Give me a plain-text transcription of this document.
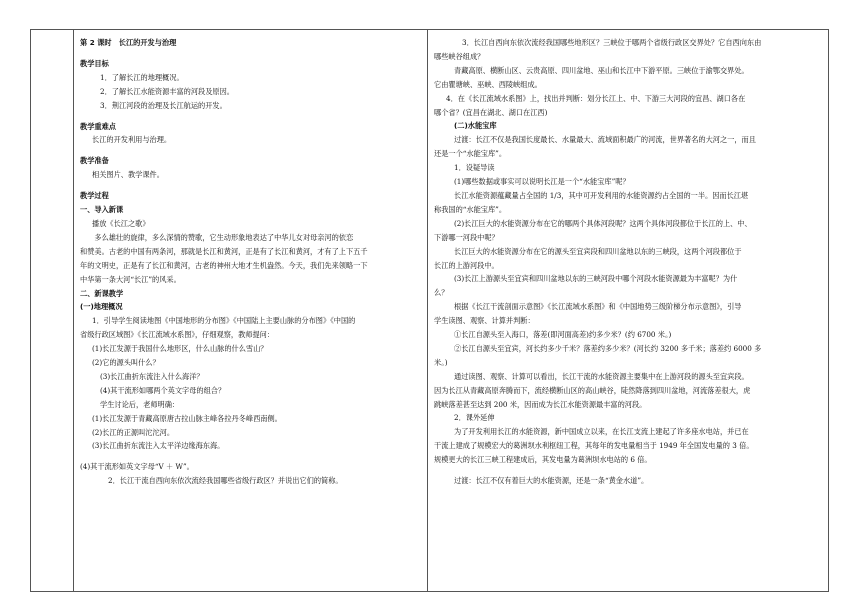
第 2 课时　长江的开发与治理

教学目标

1．了解长江的地理概况。

2．了解长江水能资源丰富的河段及原因。

3．荆江河段的治理及长江航运的开发。

教学重难点

长江的开发利用与治理。

教学准备

相关图片、教学课件。

教学过程

一、导入新课

播放《长江之歌》

　　多么雄壮的旋律，多么深情的赞歌，它生动形象地表达了中华儿女对母亲河的依恋

和赞美。古老的中国有两条河，那就是长江和黄河，正是有了长江和黄河，才有了上下五千

年的文明史，正是有了长江和黄河，古老的神州大地才生机盎然。今天，我们先来领略一下

中华第一条大河“长江”的风采。

二、新课教学

(一)地理概况

1．引导学生阅读地图《中国地形的分布图》《中国陆上主要山脉的分布图》《中国的

省级行政区域图》《长江流域水系图》，仔细观察，教师提问：

(1)长江发源于我国什么地形区，什么山脉的什么雪山？

(2)它的源头叫什么？

(3)长江曲折东流注入什么海洋？

(4)其干流形如哪两个英文字母的组合？

学生讨论后，老师明确：

(1)长江发源于青藏高原唐古拉山脉主峰各拉丹冬峰西南侧。

(2)长江的正源叫沱沱河。

(3)长江曲折东流注入太平洋边缘海东海。

(4)其干流形如英文字母“V ＋ W”。

2．长江干流自西向东依次流经我国哪些省级行政区？并说出它们的简称。

3．长江自西向东依次流经我国哪些地形区？三峡位于哪两个省级行政区交界处？它自西向东由

哪些峡谷组成？

青藏高原、横断山区、云贵高原、四川盆地、巫山和长江中下游平原。三峡位于渝鄂交界处。

它由瞿塘峡、巫峡、西陵峡组成。

4．在《长江流域水系图》上，找出并判断：划分长江上、中、下游三大河段的宜昌、湖口各在

哪个省？(宜昌在湖北、湖口在江西)

(二)水能宝库

过渡：长江不仅是我国长度最长、水量最大、流域面积最广的河流，世界著名的大河之一，而且

还是一个“水能宝库”。

1．设疑导读

(1)哪些数据或事实可以说明长江是一个“水能宝库”呢？

长江水能资源蕴藏量占全国的 1/3，其中可开发利用的水能资源约占全国的一半。因而长江堪

称我国的“水能宝库”。

(2)长江巨大的水能资源分布在它的哪两个具体河段呢？这两个具体河段都位于长江的上、中、

下游哪一河段中呢？

长江巨大的水能资源分布在它的源头至宜宾段和四川盆地以东的三峡段，这两个河段都位于

长江的上游河段中。

(3)长江上游源头至宜宾和四川盆地以东的三峡河段中哪个河段水能资源最为丰富呢？为什

么？

根据《长江干流剖面示意图》《长江流域水系图》和《中国地势三级阶梯分布示意图》，引导

学生读图、观察、计算并判断：

①长江自源头至入海口，落差(即河面高差)约多少米？(约 6700 米。)

②长江自源头至宜宾，河长约多少千米？落差约多少米？(河长约 3200 多千米；落差约 6000 多

米。)

通过读图、观察、计算可以看出，长江干流的水能资源主要集中在上游河段的源头至宜宾段。

因为长江从青藏高原奔腾而下，流经横断山区的高山峡谷，陡然降落到四川盆地，河流落差很大，虎

跳峡落差甚至达到 200 米，因而成为长江水能资源最丰富的河段。

2．课外延伸

为了开发利用长江的水能资源，新中国成立以来，在长江支流上建起了许多座水电站，并已在

干流上建成了规模宏大的葛洲坝水利枢纽工程，其每年的发电量相当于 1949 年全国发电量的 3 倍。

规模更大的长江三峡工程建成后，其发电量为葛洲坝水电站的 6 倍。

过渡：长江不仅有着巨大的水能资源，还是一条“黄金水道”。
